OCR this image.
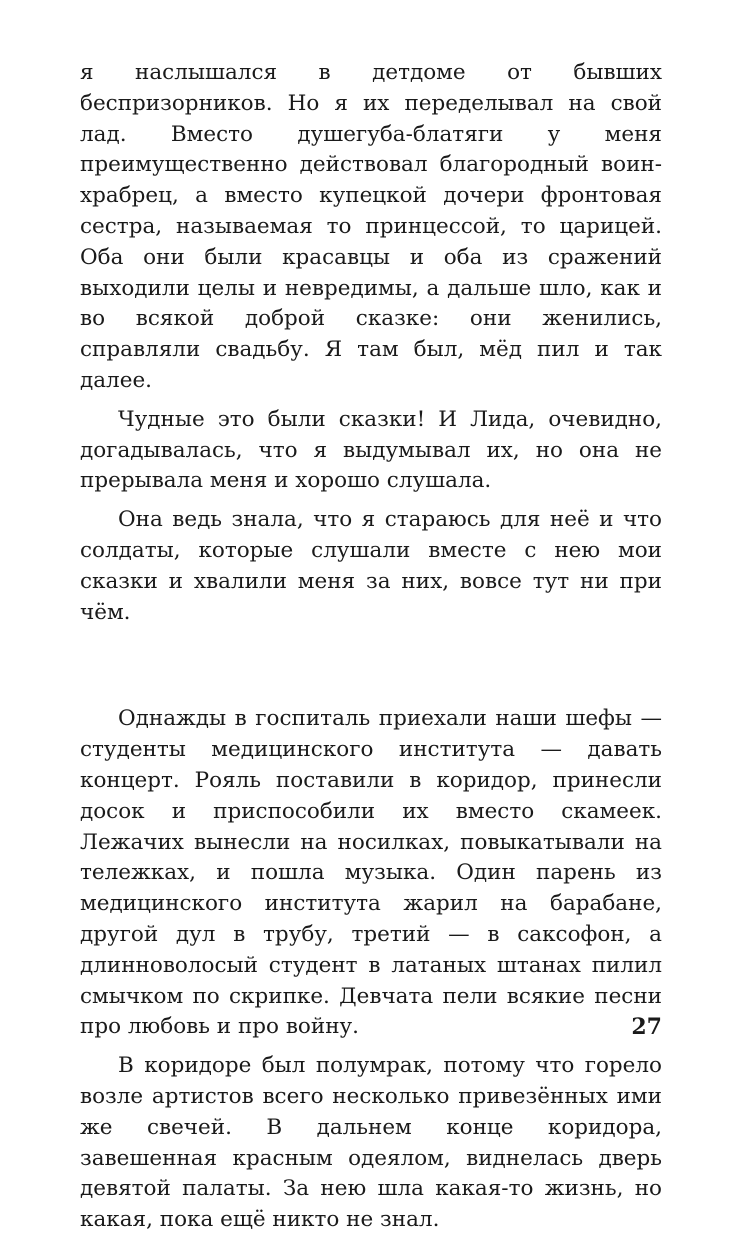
я наслышался в детдоме от бывших беспризорников. Но я их переделывал на свой лад. Вместо душегуба-блатяги у меня преимущественно действовал благородный воин-храбрец, а вместо купецкой дочери фронтовая сестра, называемая то принцессой, то царицей. Оба они были красавцы и оба из сражений выходили целы и невредимы, а дальше шло, как и во всякой доброй сказке: они женились, справляли свадьбу. Я там был, мёд пил и так далее.

Чудные это были сказки! И Лида, очевидно, догадывалась, что я выдумывал их, но она не прерывала меня и хорошо слушала.

Она ведь знала, что я стараюсь для неё и что солдаты, которые слушали вместе с нею мои сказки и хвалили меня за них, вовсе тут ни при чём.

Однажды в госпиталь приехали наши шефы — студенты медицинского института — давать концерт. Рояль поставили в коридор, принесли досок и приспособили их вместо скамеек. Лежачих вынесли на носилках, повыкатывали на тележках, и пошла музыка. Один парень из медицинского института жарил на барабане, другой дул в трубу, третий — в саксофон, а длинноволосый студент в латаных штанах пилил смычком по скрипке. Девчата пели всякие песни про любовь и про войну.

В коридоре был полумрак, потому что горело возле артистов всего несколько привезённых ими же свечей. В дальнем конце коридора, завешенная красным одеялом, виднелась дверь девятой палаты. За нею шла какая-то жизнь, но какая, пока ещё никто не знал.

27
